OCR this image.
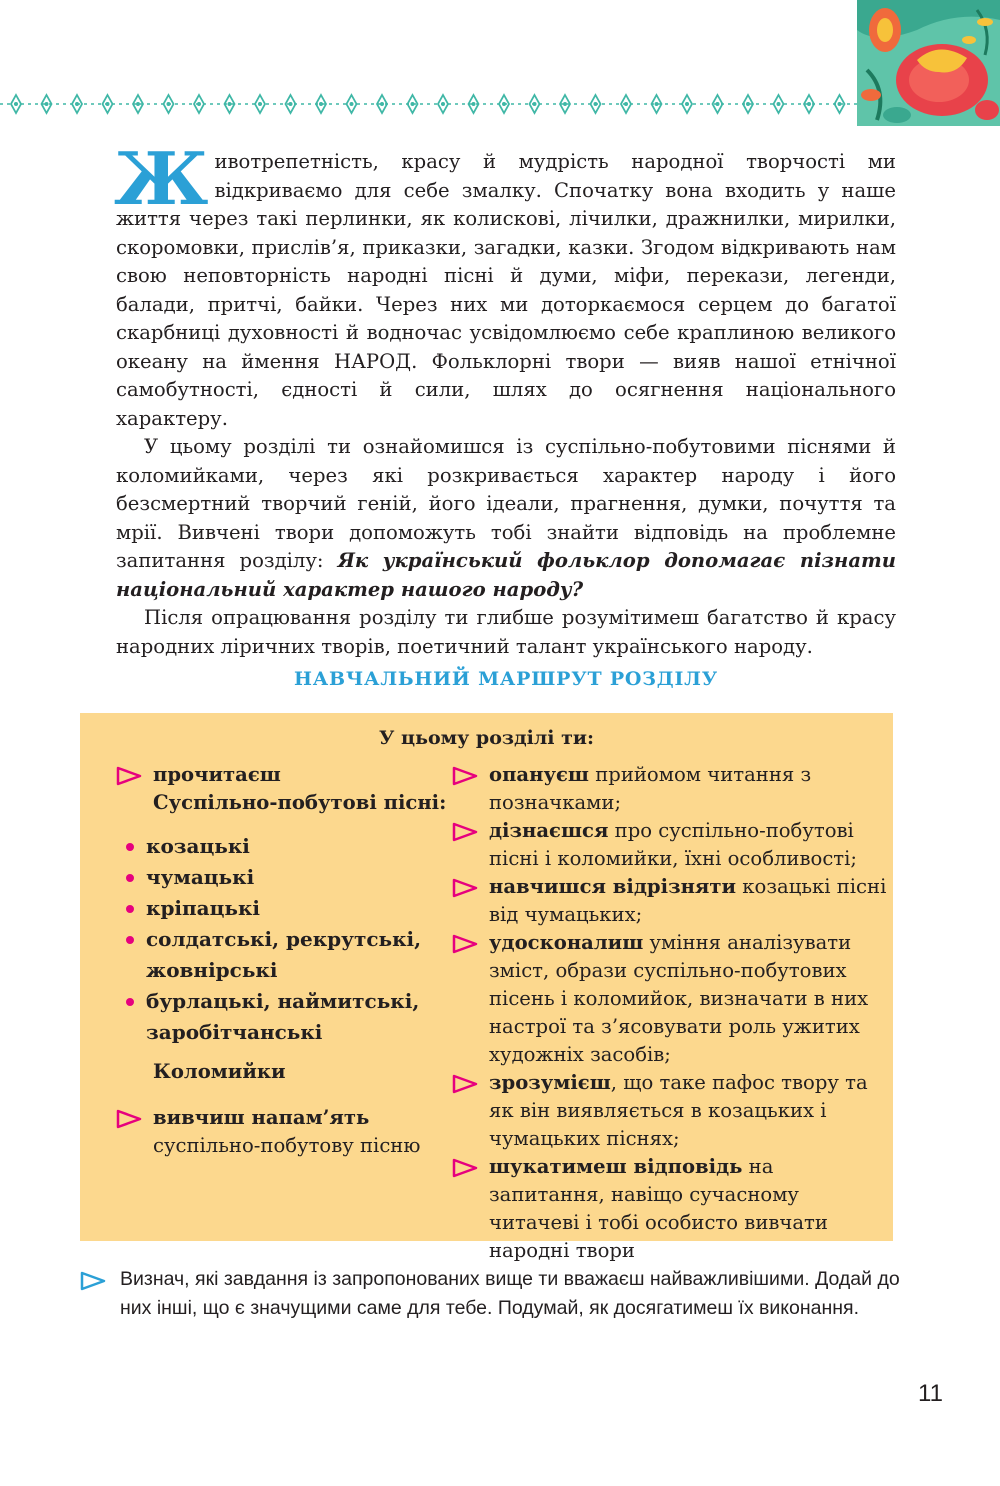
Животрепетність, красу й мудрість народної творчості ми відкриваємо для себе змалку. Спочатку вона входить у наше життя через такі перлинки, як колискові, лічилки, дражнилки, мирилки, скоромовки, прислів’я, приказки, загадки, казки. Згодом відкривають нам свою неповторність народні пісні й думи, міфи, перекази, легенди, балади, притчі, байки. Через них ми доторкаємося серцем до багатої скарбниці духовності й водночас усвідомлюємо себе краплиною великого океану на ймення НАРОД. Фольклорні твори — вияв нашої етнічної самобутності, єдності й сили, шлях до осягнення національного характеру.

У цьому розділі ти ознайомишся із суспільно-побутовими піснями й коломийками, через які розкривається характер народу і його безсмертний творчий геній, його ідеали, прагнення, думки, почуття та мрії. Вивчені твори допоможуть тобі знайти відповідь на проблемне запитання розділу: Як український фольклор допомагає пізнати національний характер нашого народу?

Після опрацювання розділу ти глибше розумітимеш багатство й красу народних ліричних творів, поетичний талант українського народу.

НАВЧАЛЬНИЙ МАРШРУТ РОЗДІЛУ
У цьому розділі ти:
прочитаєш
Суспільно-побутові пісні:
козацькі
чумацькі
кріпацькі
солдатські, рекрутські, жовнірські
бурлацькі, наймитські, заробітчанські
Коломийки
вивчиш напам’ять
суспільно-побутову пісню
опануєш прийомом читання з позначками;
дізнаєшся про суспільно-побутові пісні і коломийки, їхні особливості;
навчишся відрізняти козацькі пісні від чумацьких;
удосконалиш уміння аналізувати зміст, образи суспільно-побутових пісень і коломийок, визначати в них настрої та з’ясовувати роль ужитих художніх засобів;
зрозумієш, що таке пафос твору та як він виявляється в козацьких і чумацьких піснях;
шукатимеш відповідь на запитання, навіщо сучасному читачеві і тобі особисто вивчати народні твори

Визнач, які завдання із запропонованих вище ти вважаєш найважливішими. Додай до них інші, що є значущими саме для тебе. Подумай, як досягатимеш їх виконання.

11
